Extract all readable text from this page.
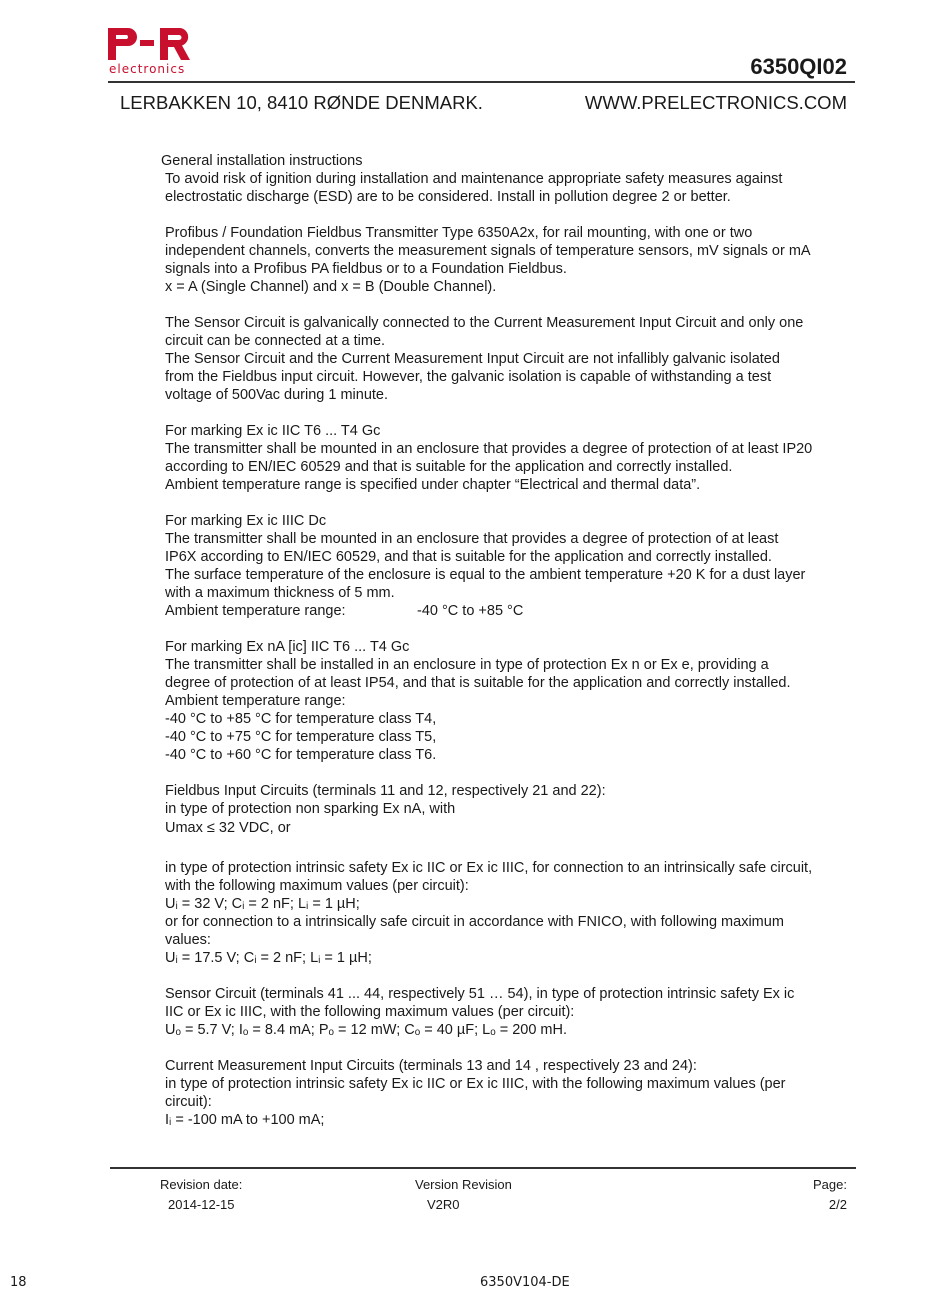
electronics	6350QI02
LERBAKKEN 10, 8410 RØNDE DENMARK.	WWW.PRELECTRONICS.COM
General installation instructions

To avoid risk of ignition during installation and maintenance appropriate safety measures against
electrostatic discharge (ESD) are to be considered. Install in pollution degree 2 or better.

Profibus / Foundation Fieldbus Transmitter Type 6350A2x, for rail mounting, with one or two
independent channels, converts the measurement signals of temperature sensors, mV signals or mA
signals into a Profibus PA fieldbus or to a Foundation Fieldbus.
x = A (Single Channel) and x = B (Double Channel).

The Sensor Circuit is galvanically connected to the Current Measurement Input Circuit and only one
circuit can be connected at a time.
The Sensor Circuit and the Current Measurement Input Circuit are not infallibly galvanic isolated
from the Fieldbus input circuit. However, the galvanic isolation is capable of withstanding a test
voltage of 500Vac during 1 minute.

For marking Ex ic IIC T6 ... T4 Gc
The transmitter shall be mounted in an enclosure that provides a degree of protection of at least IP20
according to EN/IEC 60529 and that is suitable for the application and correctly installed.
Ambient temperature range is specified under chapter “Electrical and thermal data”.

For marking Ex ic IIIC Dc
The transmitter shall be mounted in an enclosure that provides a degree of protection of at least
IP6X according to EN/IEC 60529, and that is suitable for the application and correctly installed.
The surface temperature of the enclosure is equal to the ambient temperature +20 K for a dust layer
with a maximum thickness of 5 mm.
Ambient temperature range:	-40 °C to +85 °C

For marking Ex nA [ic] IIC T6 ... T4 Gc
The transmitter shall be installed in an enclosure in type of protection Ex n or Ex e, providing a
degree of protection of at least IP54, and that is suitable for the application and correctly installed.
Ambient temperature range:
-40 °C to +85 °C for temperature class T4,
-40 °C to +75 °C for temperature class T5,
-40 °C to +60 °C for temperature class T6.

Fieldbus Input Circuits (terminals 11 and 12, respectively 21 and 22):
in type of protection non sparking Ex nA, with
Umax ≤ 32 VDC, or

in type of protection intrinsic safety Ex ic IIC or Ex ic IIIC, for connection to an intrinsically safe circuit,
with the following maximum values (per circuit):
Uᵢ = 32 V; Cᵢ = 2 nF; Lᵢ = 1 µH;
or for connection to a intrinsically safe circuit in accordance with FNICO, with following maximum
values:
Uᵢ = 17.5 V; Cᵢ = 2 nF; Lᵢ = 1 µH;

Sensor Circuit (terminals 41 ... 44, respectively 51 … 54), in type of protection intrinsic safety Ex ic
IIC or Ex ic IIIC, with the following maximum values (per circuit):
Uₒ = 5.7 V; Iₒ = 8.4 mA; Pₒ = 12 mW; Cₒ = 40 µF; Lₒ = 200 mH.

Current Measurement Input Circuits (terminals 13 and 14 , respectively 23 and 24):
in type of protection intrinsic safety Ex ic IIC or Ex ic IIIC, with the following maximum values (per
circuit):
Iᵢ = -100 mA to +100 mA;

Revision date:
2014-12-15
Version Revision
V2R0
Page:
2/2
18	6350V104-DE
